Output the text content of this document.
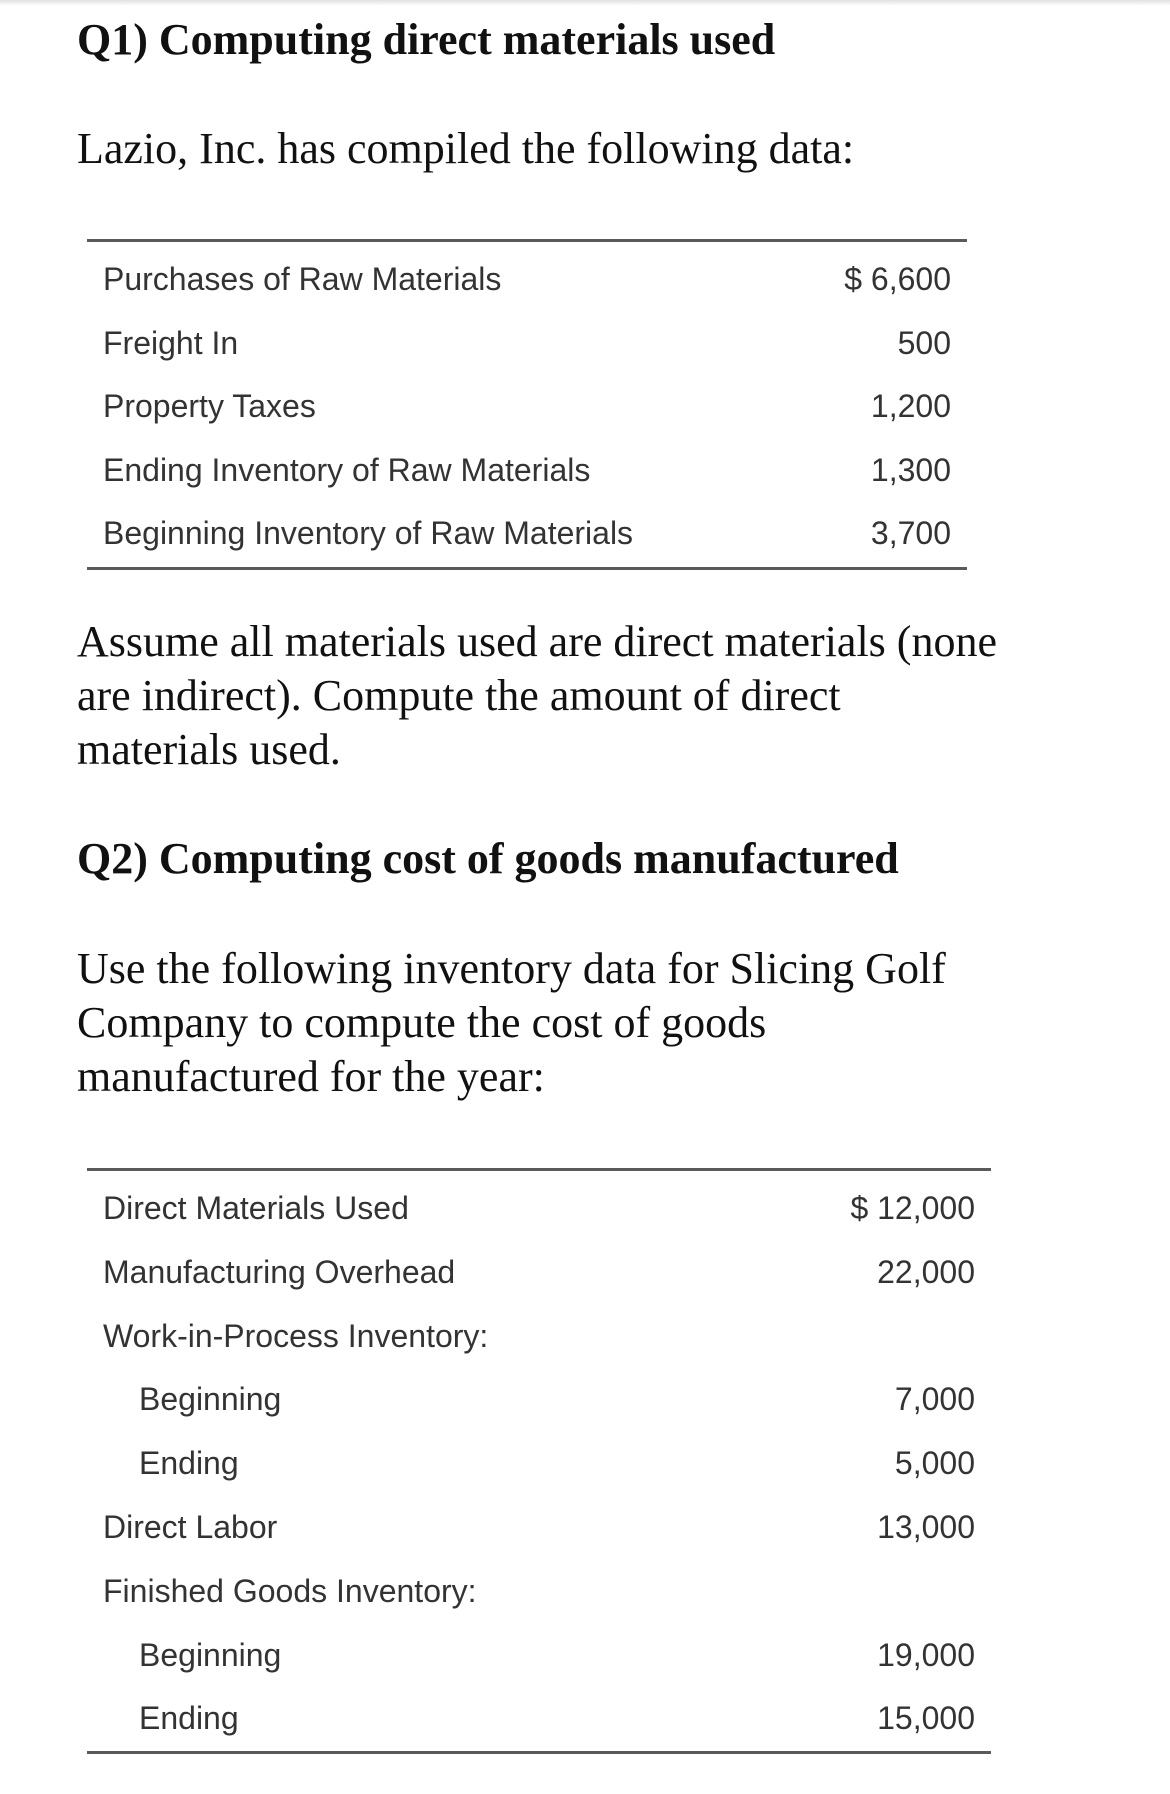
Q1) Computing direct materials used

Lazio, Inc. has compiled the following data:

Purchases of Raw Materials	$ 6,600
Freight In	500
Property Taxes	1,200
Ending Inventory of Raw Materials	1,300
Beginning Inventory of Raw Materials	3,700

Assume all materials used are direct materials (none

are indirect). Compute the amount of direct

materials used.

Q2) Computing cost of goods manufactured

Use the following inventory data for Slicing Golf

Company to compute the cost of goods

manufactured for the year:

Direct Materials Used	$ 12,000
Manufacturing Overhead	22,000
Work-in-Process Inventory:
Beginning	7,000
Ending	5,000
Direct Labor	13,000
Finished Goods Inventory:
Beginning	19,000
Ending	15,000
